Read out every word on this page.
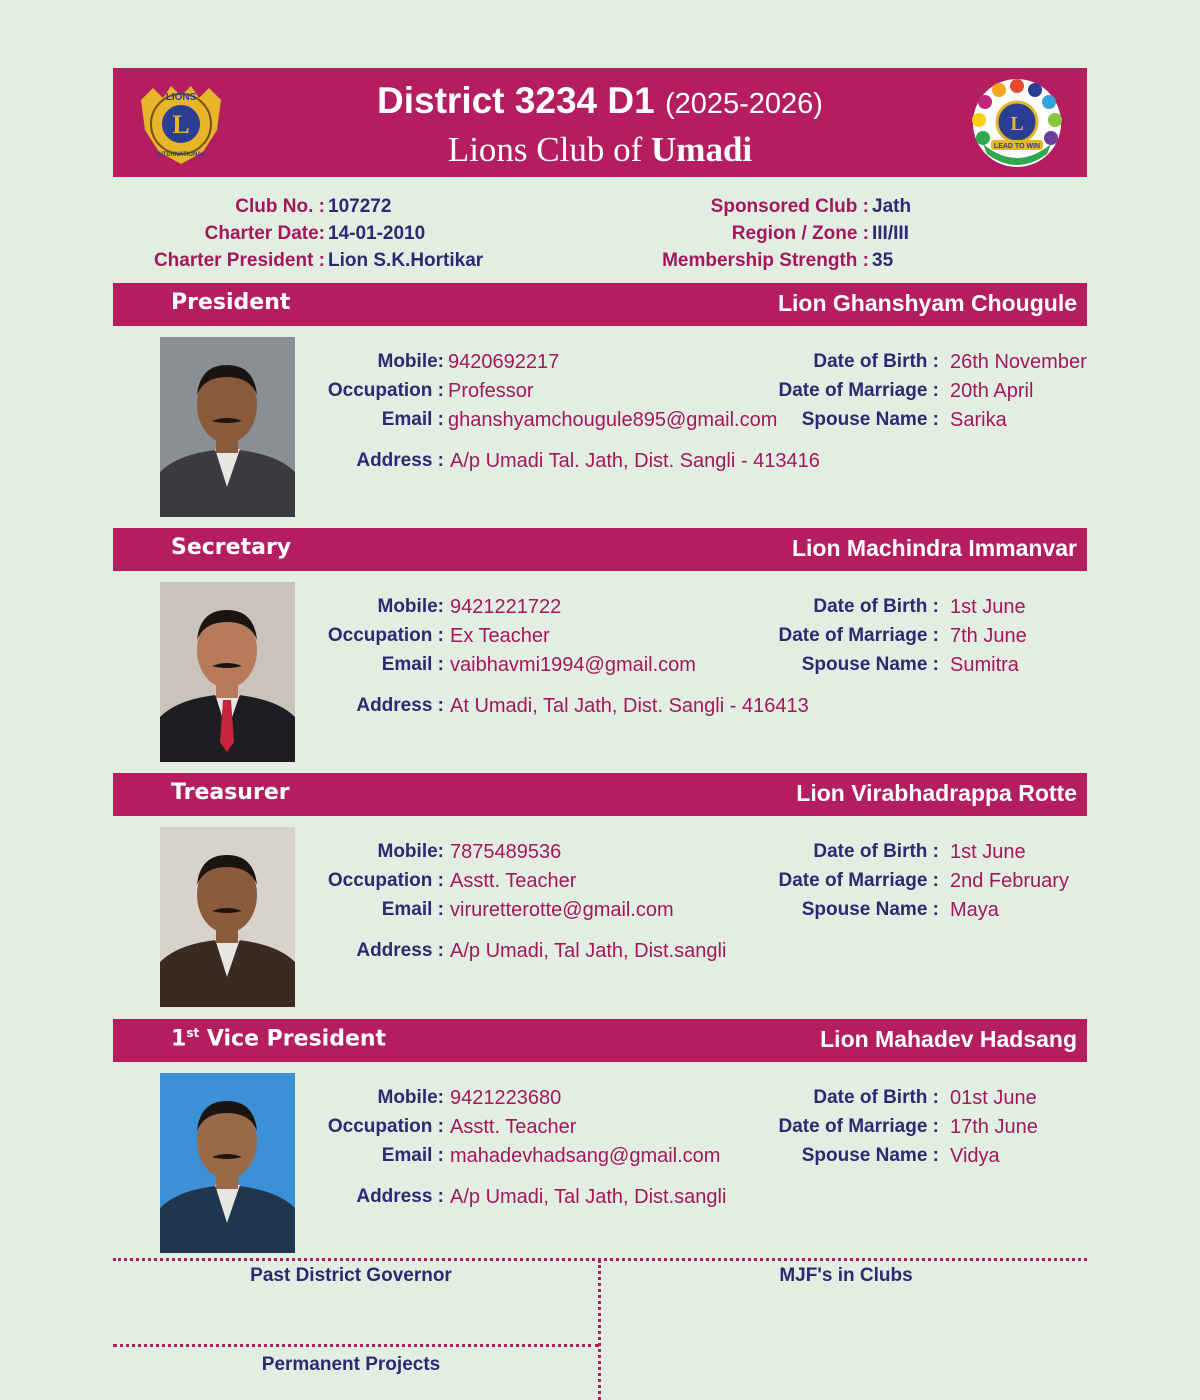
L
LIONS
INTERNATIONAL
District 3234 D1 (2025-2026)
Lions Club of Umadi
L
LEAD TO WIN
Club No. : 107272
Charter Date: 14-01-2010
Charter President : Lion S.K.Hortikar
Sponsored Club : Jath
Region / Zone : III/III
Membership Strength : 35
President	Lion Ghanshyam Chougule
Mobile: 9420692217
Occupation : Professor
Email : ghanshyamchougule895@gmail.com
Address : A/p Umadi Tal. Jath, Dist. Sangli - 413416
Date of Birth : 26th November
Date of Marriage : 20th April
Spouse Name : Sarika
Secretary	Lion Machindra Immanvar
Mobile: 9421221722
Occupation : Ex Teacher
Email : vaibhavmi1994@gmail.com
Address : At Umadi, Tal Jath, Dist. Sangli - 416413
Date of Birth : 1st June
Date of Marriage : 7th June
Spouse Name : Sumitra
Treasurer	Lion Virabhadrappa Rotte
Mobile: 7875489536
Occupation : Asstt. Teacher
Email : viruretterotte@gmail.com
Address : A/p Umadi, Tal Jath, Dist.sangli
Date of Birth : 1st June
Date of Marriage : 2nd February
Spouse Name : Maya
1st Vice President	Lion Mahadev Hadsang
Mobile: 9421223680
Occupation : Asstt. Teacher
Email : mahadevhadsang@gmail.com
Address : A/p Umadi, Tal Jath, Dist.sangli
Date of Birth : 01st June
Date of Marriage : 17th June
Spouse Name : Vidya
Past District Governor	MJF's in Clubs
Permanent Projects
